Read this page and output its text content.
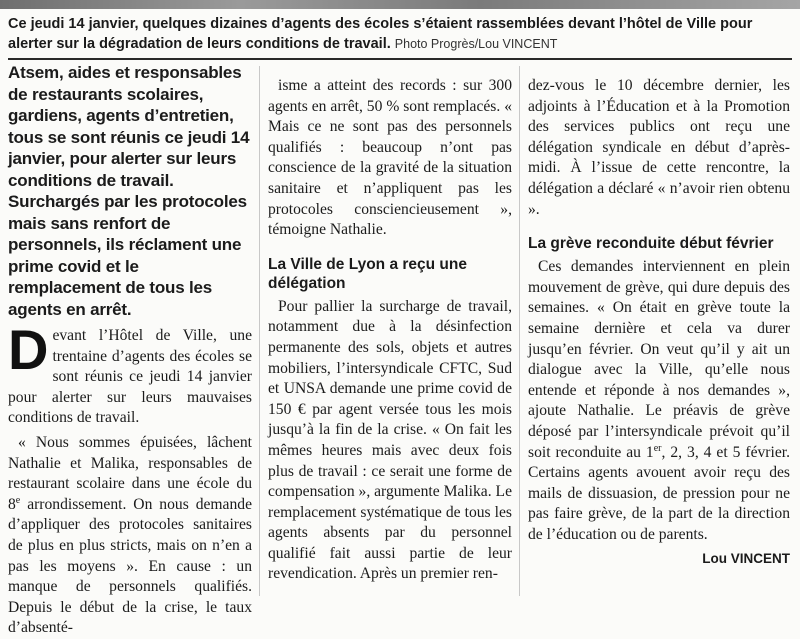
Ce jeudi 14 janvier, quelques dizaines d’agents des écoles s’étaient rassemblées devant l’hôtel de Ville pour alerter sur la dégradation de leurs conditions de travail. Photo Progrès/Lou VINCENT

Atsem, aides et responsables de restaurants scolaires, gardiens, agents d’entretien, tous se sont réunis ce jeudi 14 janvier, pour alerter sur leurs conditions de travail. Surchargés par les protocoles mais sans renfort de personnels, ils réclament une prime covid et le remplacement de tous les agents en arrêt.

Devant l’Hôtel de Ville, une trentaine d’agents des écoles se sont réunis ce jeudi 14 janvier pour alerter sur leurs mauvaises conditions de travail.

« Nous sommes épuisées, lâchent Nathalie et Malika, responsables de restaurant scolaire dans une école du 8e arrondissement. On nous demande d’appliquer des protocoles sanitaires de plus en plus stricts, mais on n’en a pas les moyens ». En cause : un manque de personnels qualifiés. Depuis le début de la crise, le taux d’absenté-

isme a atteint des records : sur 300 agents en arrêt, 50 % sont remplacés. « Mais ce ne sont pas des personnels qualifiés : beaucoup n’ont pas conscience de la gravité de la situation sanitaire et n’appliquent pas les protocoles consciencieusement », témoigne Nathalie.

La Ville de Lyon a reçu une délégation

Pour pallier la surcharge de travail, notamment due à la désinfection permanente des sols, objets et autres mobiliers, l’intersyndicale CFTC, Sud et UNSA demande une prime covid de 150 € par agent versée tous les mois jusqu’à la fin de la crise. « On fait les mêmes heures mais avec deux fois plus de travail : ce serait une forme de compensation », argumente Malika. Le remplacement systématique de tous les agents absents par du personnel qualifié fait aussi partie de leur revendication. Après un premier ren-

dez-vous le 10 décembre dernier, les adjoints à l’Éducation et à la Promotion des services publics ont reçu une délégation syndicale en début d’après-midi. À l’issue de cette rencontre, la délégation a déclaré « n’avoir rien obtenu ».

La grève reconduite début février

Ces demandes interviennent en plein mouvement de grève, qui dure depuis des semaines. « On était en grève toute la semaine dernière et cela va durer jusqu’en février. On veut qu’il y ait un dialogue avec la Ville, qu’elle nous entende et réponde à nos demandes », ajoute Nathalie. Le préavis de grève déposé par l’intersyndicale prévoit qu’il soit reconduite au 1er, 2, 3, 4 et 5 février. Certains agents avouent avoir reçu des mails de dissuasion, de pression pour ne pas faire grève, de la part de la direction de l’éducation ou de parents.

Lou VINCENT
